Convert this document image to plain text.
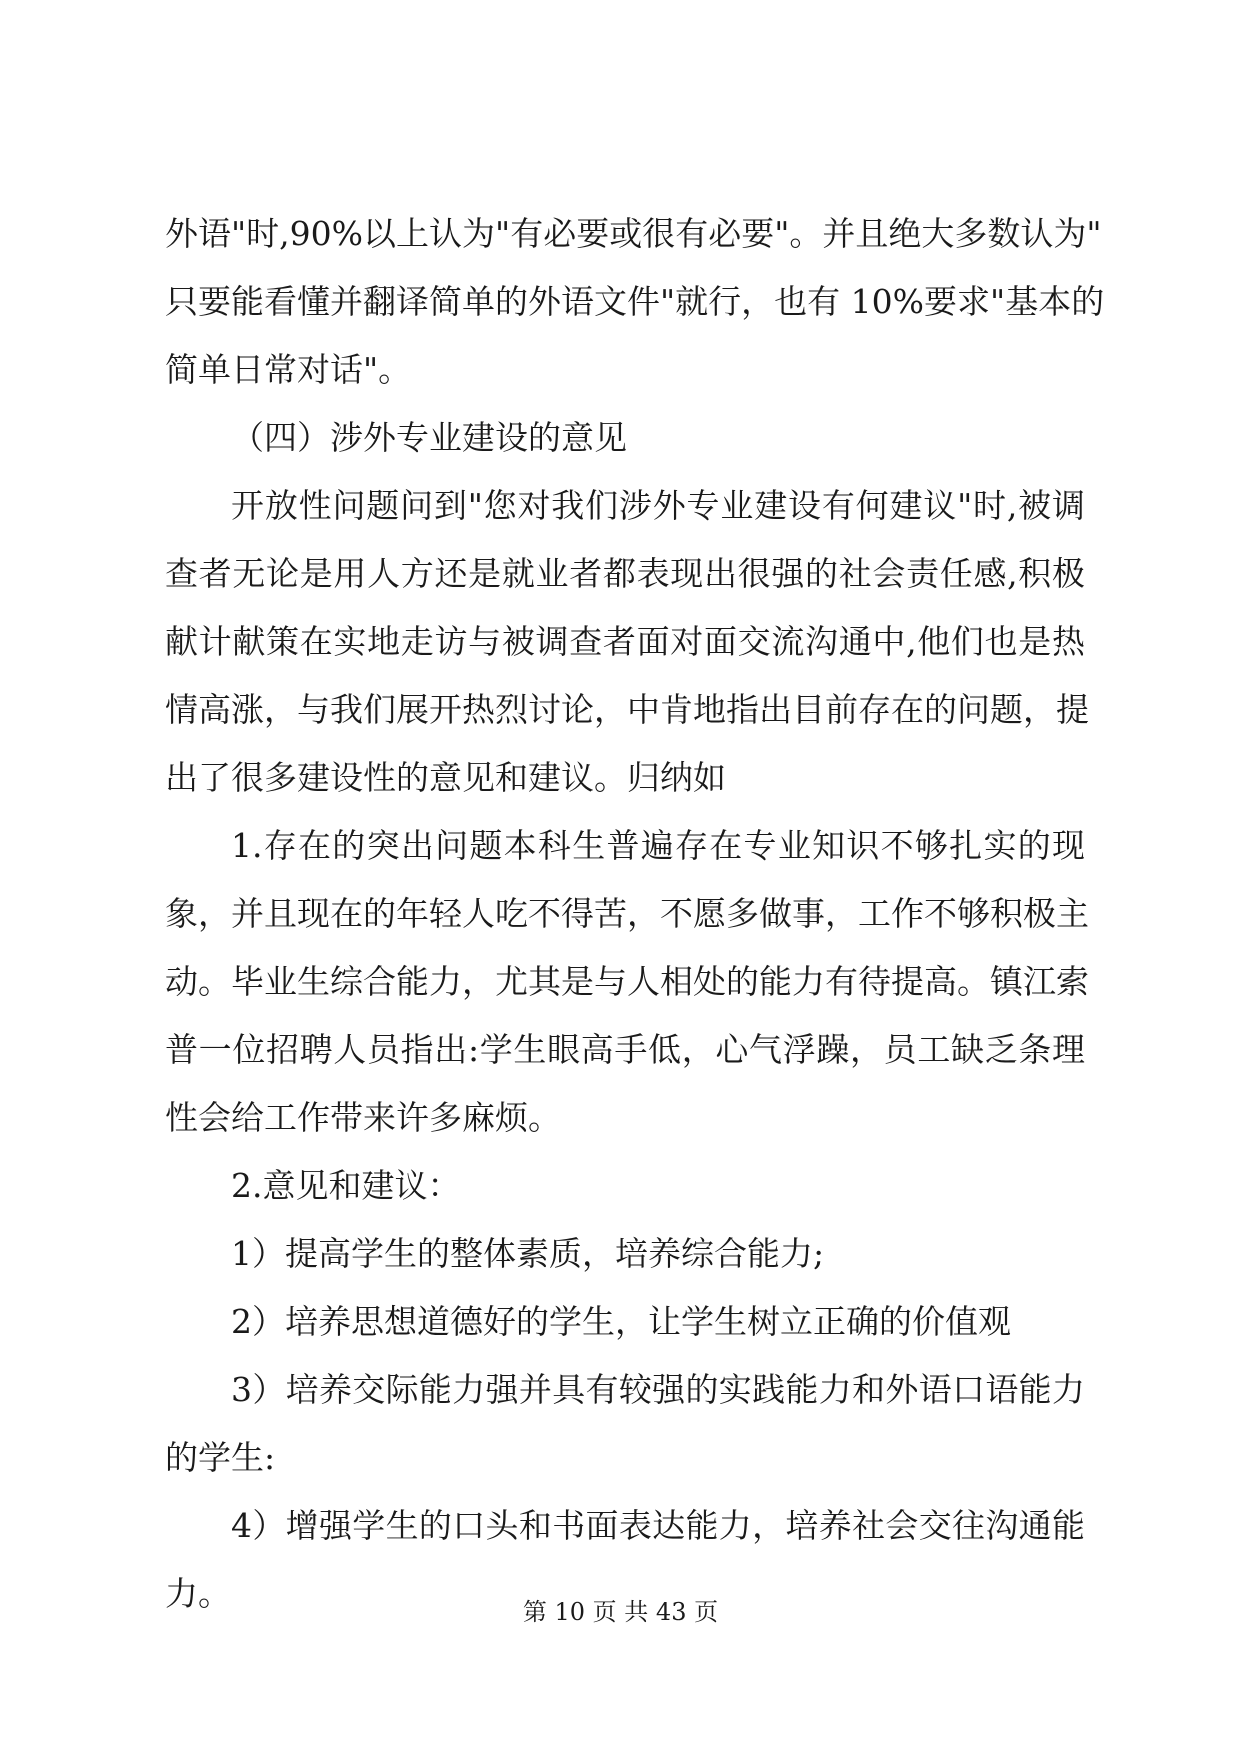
外语"时,90%以上认为"有必要或很有必要"。并且绝大多数认为"
只要能看懂并翻译简单的外语文件"就行，也有 10%要求"基本的
简单日常对话"。
（四）涉外专业建设的意见
开放性问题问到"您对我们涉外专业建设有何建议"时,被调
查者无论是用人方还是就业者都表现出很强的社会责任感,积极
献计献策在实地走访与被调查者面对面交流沟通中,他们也是热
情高涨，与我们展开热烈讨论，中肯地指出目前存在的问题，提
出了很多建设性的意见和建议。归纳如
1.存在的突出问题本科生普遍存在专业知识不够扎实的现
象，并且现在的年轻人吃不得苦，不愿多做事，工作不够积极主
动。毕业生综合能力，尤其是与人相处的能力有待提高。镇江索
普一位招聘人员指出:学生眼高手低，心气浮躁，员工缺乏条理
性会给工作带来许多麻烦。
2.意见和建议：
1）提高学生的整体素质，培养综合能力;
2）培养思想道德好的学生，让学生树立正确的价值观
3）培养交际能力强并具有较强的实践能力和外语口语能力
的学生:
4）增强学生的口头和书面表达能力，培养社会交往沟通能
力。	第 10 页 共 43 页
